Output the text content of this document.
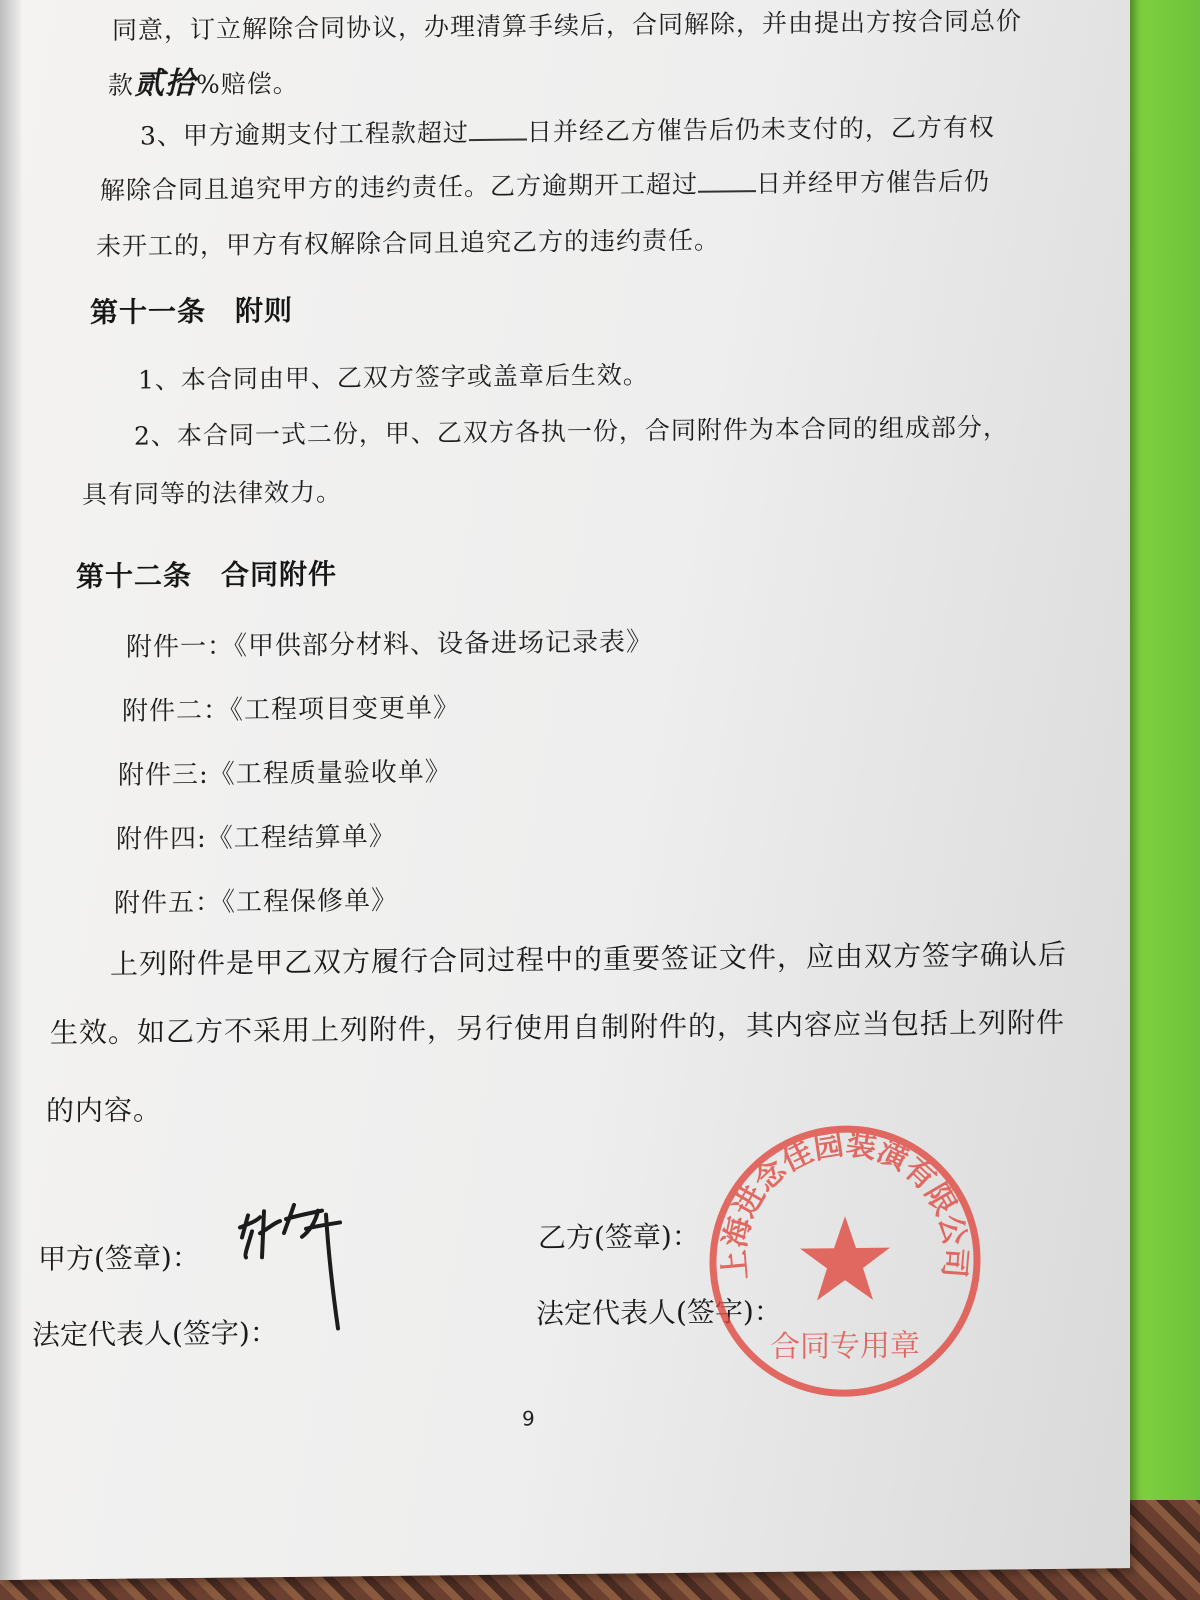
同意，订立解除合同协议，办理清算手续后，合同解除，并由提出方按合同总价
款贰拾%赔偿。
3、甲方逾期支付工程款超过 日并经乙方催告后仍未支付的，乙方有权
解除合同且追究甲方的违约责任。乙方逾期开工超过 日并经甲方催告后仍
未开工的，甲方有权解除合同且追究乙方的违约责任。
第十一条　附则
1、本合同由甲、乙双方签字或盖章后生效。
2、本合同一式二份，甲、乙双方各执一份，合同附件为本合同的组成部分，
具有同等的法律效力。
第十二条　合同附件
附件一：《甲供部分材料、设备进场记录表》
附件二：《工程项目变更单》
附件三:《工程质量验收单》
附件四:《工程结算单》
附件五：《工程保修单》
上列附件是甲乙双方履行合同过程中的重要签证文件，应由双方签字确认后
生效。如乙方不采用上列附件，另行使用自制附件的，其内容应当包括上列附件
的内容。
甲方(签章)：
法定代表人(签字)：
乙方(签章)：
法定代表人(签字)：
上海进念佳园装潢有限公司
合同专用章
9
